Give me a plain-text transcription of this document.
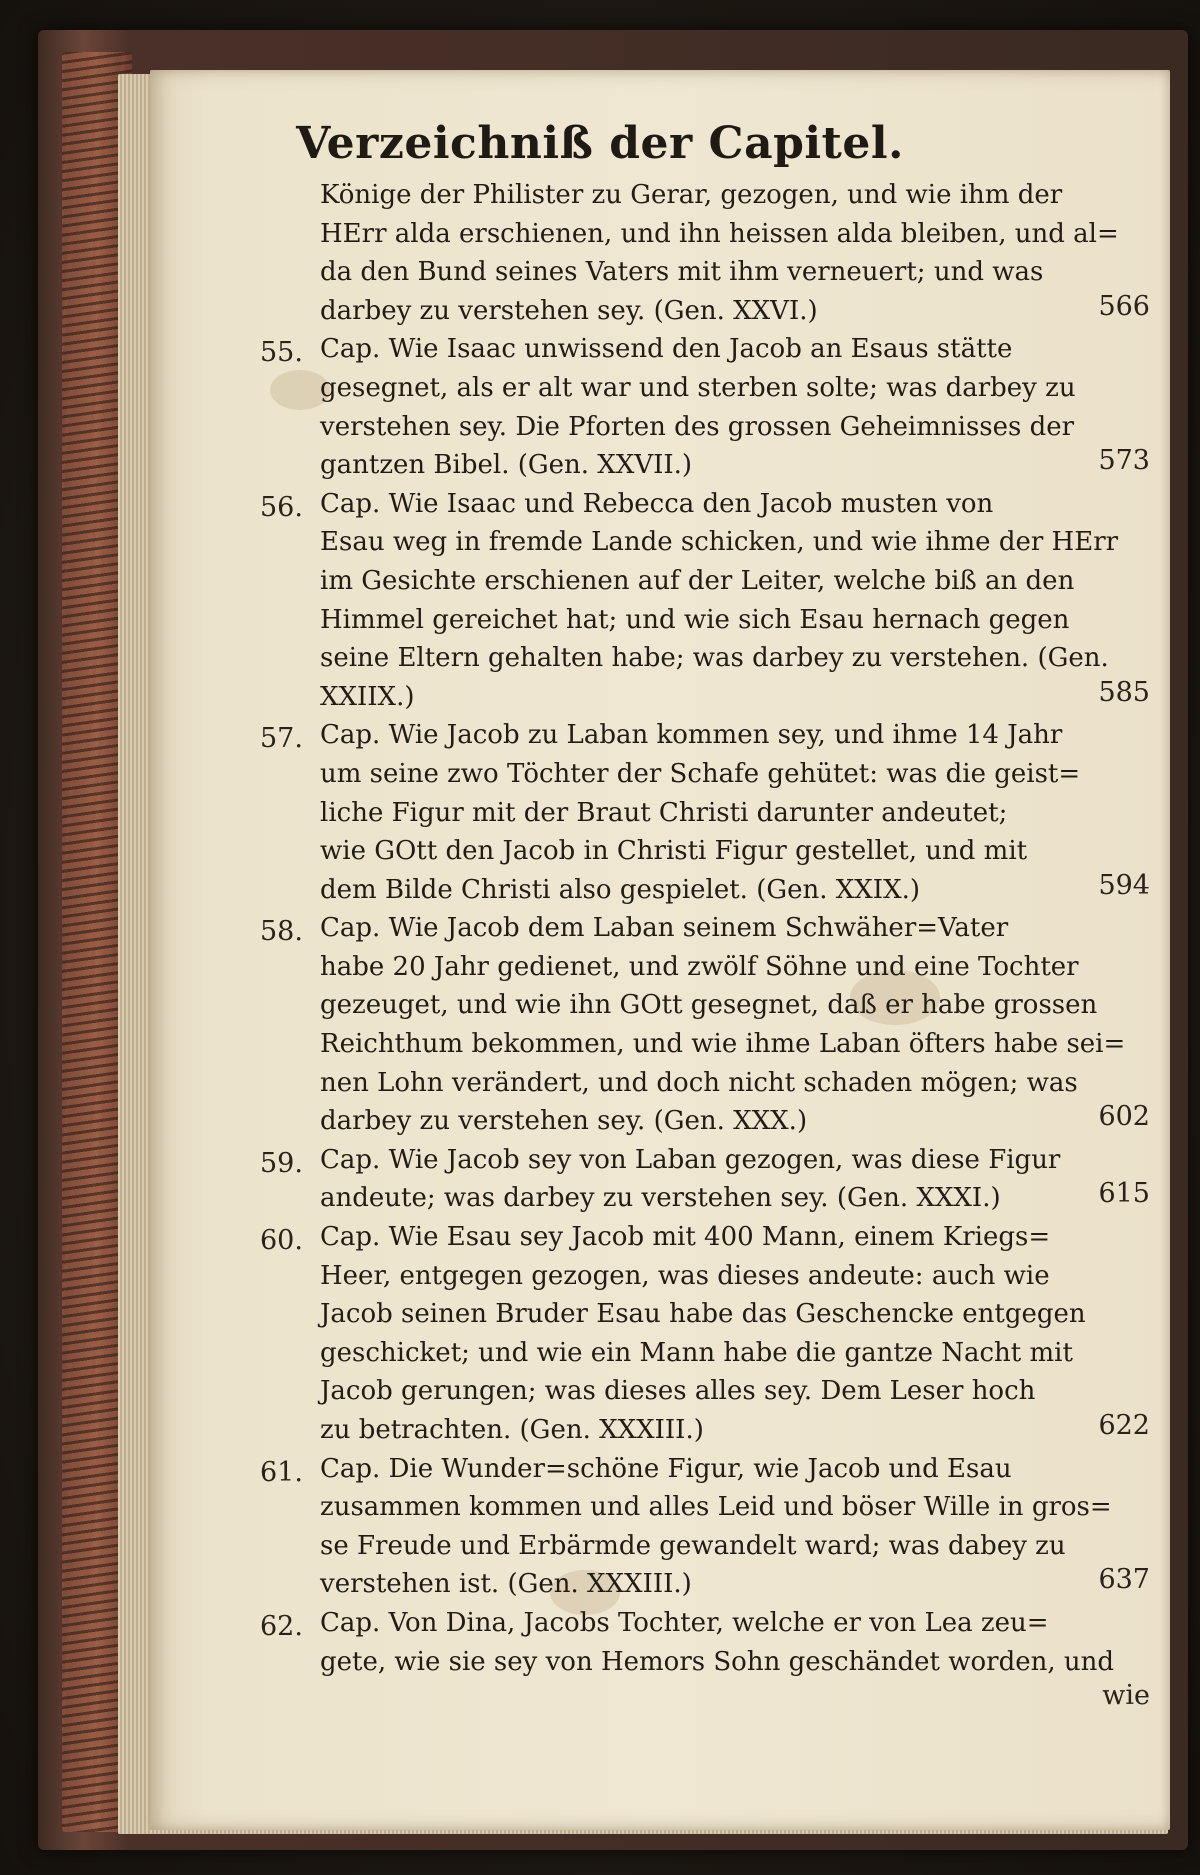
Verzeichniß der Capitel.
Könige der Philister zu Gerar, gezogen, und wie ihm der
HErr alda erschienen, und ihn heissen alda bleiben, und al=
da den Bund seines Vaters mit ihm verneuert; und was
darbey zu verstehen sey. (Gen. XXVI.)	566
55. Cap. Wie Isaac unwissend den Jacob an Esaus stätte
gesegnet, als er alt war und sterben solte; was darbey zu
verstehen sey. Die Pforten des grossen Geheimnisses der
gantzen Bibel. (Gen. XXVII.)	573
56. Cap. Wie Isaac und Rebecca den Jacob musten von
Esau weg in fremde Lande schicken, und wie ihme der HErr
im Gesichte erschienen auf der Leiter, welche biß an den
Himmel gereichet hat; und wie sich Esau hernach gegen
seine Eltern gehalten habe; was darbey zu verstehen. (Gen.
XXIIX.)	585
57. Cap. Wie Jacob zu Laban kommen sey, und ihme 14 Jahr
um seine zwo Töchter der Schafe gehütet: was die geist=
liche Figur mit der Braut Christi darunter andeutet;
wie GOtt den Jacob in Christi Figur gestellet, und mit
dem Bilde Christi also gespielet. (Gen. XXIX.)	594
58. Cap. Wie Jacob dem Laban seinem Schwäher=Vater
habe 20 Jahr gedienet, und zwölf Söhne und eine Tochter
gezeuget, und wie ihn GOtt gesegnet, daß er habe grossen
Reichthum bekommen, und wie ihme Laban öfters habe sei=
nen Lohn verändert, und doch nicht schaden mögen; was
darbey zu verstehen sey. (Gen. XXX.)	602
59. Cap. Wie Jacob sey von Laban gezogen, was diese Figur
andeute; was darbey zu verstehen sey. (Gen. XXXI.)	615
60. Cap. Wie Esau sey Jacob mit 400 Mann, einem Kriegs=
Heer, entgegen gezogen, was dieses andeute: auch wie
Jacob seinen Bruder Esau habe das Geschencke entgegen
geschicket; und wie ein Mann habe die gantze Nacht mit
Jacob gerungen; was dieses alles sey. Dem Leser hoch
zu betrachten. (Gen. XXXIII.)	622
61. Cap. Die Wunder=schöne Figur, wie Jacob und Esau
zusammen kommen und alles Leid und böser Wille in gros=
se Freude und Erbärmde gewandelt ward; was dabey zu
verstehen ist. (Gen. XXXIII.)	637
62. Cap. Von Dina, Jacobs Tochter, welche er von Lea zeu=
gete, wie sie sey von Hemors Sohn geschändet worden, und
wie
